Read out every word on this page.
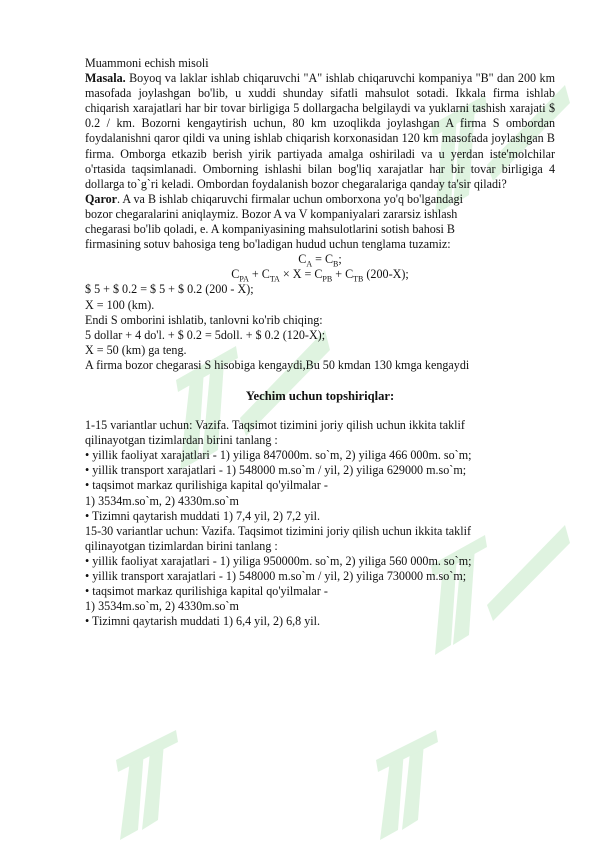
Muammoni echish misoli

Masala. Boyoq va laklar ishlab chiqaruvchi "A" ishlab chiqaruvchi kompaniya "B" dan 200 km masofada joylashgan bo'lib, u xuddi shunday sifatli mahsulot sotadi. Ikkala firma ishlab chiqarish xarajatlari har bir tovar birligiga 5 dollargacha belgilaydi va yuklarni tashish xarajati $ 0.2 / km. Bozorni kengaytirish uchun, 80 km uzoqlikda joylashgan A firma S ombordan foydalanishni qaror qildi va uning ishlab chiqarish korxonasidan 120 km masofada joylashgan B firma. Omborga etkazib berish yirik partiyada amalga oshiriladi va u yerdan iste'molchilar o'rtasida taqsimlanadi. Omborning ishlashi bilan bog'liq xarajatlar har bir tovar birligiga 4 dollarga to`g`ri keladi. Ombordan foydalanish bozor chegaralariga qanday ta'sir qiladi?

Qaror. A va B ishlab chiqaruvchi firmalar uchun omborxona yo'q bo'lgandagi
bozor chegaralarini aniqlaymiz. Bozor A va V kompaniyalari zararsiz ishlash
chegarasi bo'lib qoladi, e. A kompaniyasining mahsulotlarini sotish bahosi B
firmasining sotuv bahosiga teng bo'ladigan hudud uchun tenglama tuzamiz:
$C_A = C_B$;
$C_{PA} + C_{TA} \times X = C_{PB} + C_{TB}$ (200-X);
$ 5 + $ 0.2 = $ 5 + $ 0.2 (200 - X);
X = 100 (km).
Endi S omborini ishlatib, tanlovni ko'rib chiqing:
5 dollar + 4 do'l. + $ 0.2 = 5doll. + $ 0.2 (120-X);
X = 50 (km) ga teng.
A firma bozor chegarasi S hisobiga kengaydi,Bu 50 kmdan 130 kmga kengaydi
Yechim uchun topshiriqlar:
1-15 variantlar uchun: Vazifa. Taqsimot tizimini joriy qilish uchun ikkita taklif
qilinayotgan tizimlardan birini tanlang :
• yillik faoliyat xarajatlari - 1) yiliga 847000m. so`m, 2) yiliga 466 000m. so`m;
• yillik transport xarajatlari - 1) 548000 m.so`m / yil, 2) yiliga 629000 m.so`m;
• taqsimot markaz qurilishiga kapital qo'yilmalar -
1) 3534m.so`m, 2) 4330m.so`m
• Tizimni qaytarish muddati 1) 7,4 yil, 2) 7,2 yil.
15-30 variantlar uchun: Vazifa. Taqsimot tizimini joriy qilish uchun ikkita taklif
qilinayotgan tizimlardan birini tanlang :
• yillik faoliyat xarajatlari - 1) yiliga 950000m. so`m, 2) yiliga 560 000m. so`m;
• yillik transport xarajatlari - 1) 548000 m.so`m / yil, 2) yiliga 730000 m.so`m;
• taqsimot markaz qurilishiga kapital qo'yilmalar -
1) 3534m.so`m, 2) 4330m.so`m
• Tizimni qaytarish muddati 1) 6,4 yil, 2) 6,8 yil.
